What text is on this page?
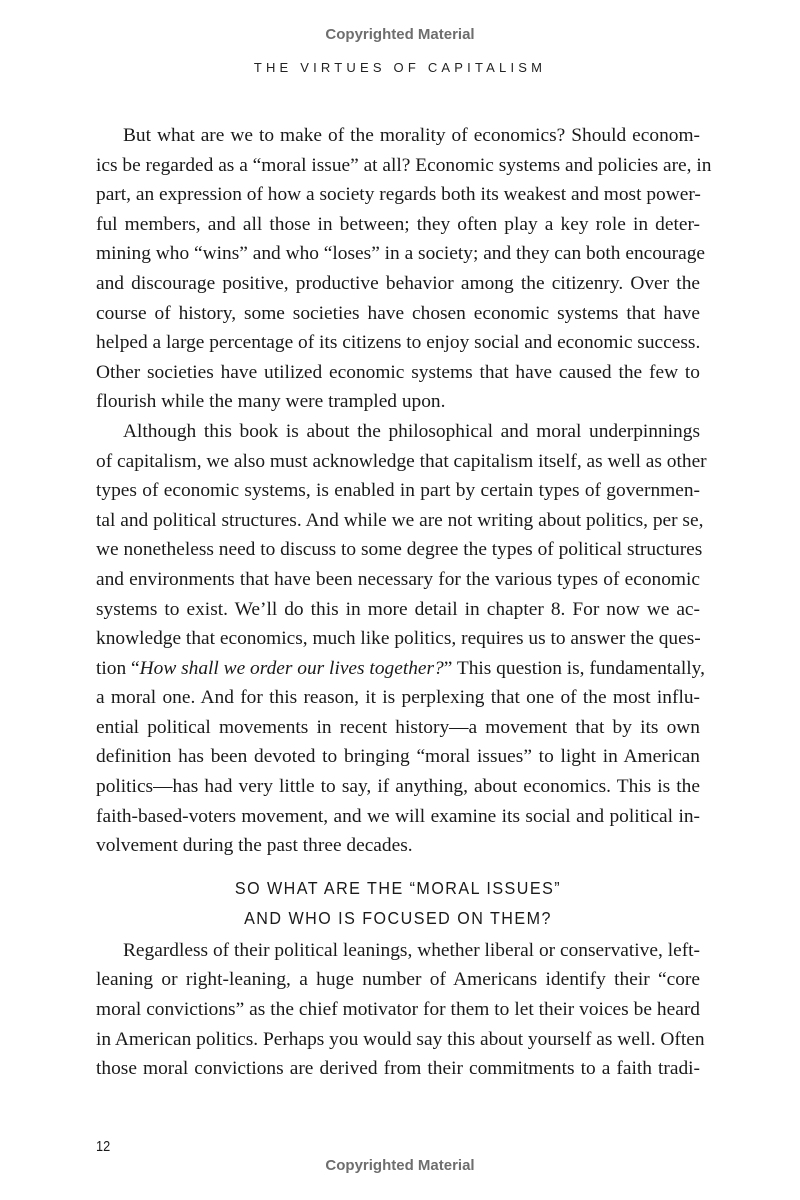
Copyrighted Material
THE VIRTUES OF CAPITALISM
But what are we to make of the morality of economics? Should econom-
ics be regarded as a “moral issue” at all? Economic systems and policies are, in
part, an expression of how a society regards both its weakest and most power-
ful members, and all those in between; they often play a key role in deter-
mining who “wins” and who “loses” in a society; and they can both encourage
and discourage positive, productive behavior among the citizenry. Over the
course of history, some societies have chosen economic systems that have
helped a large percentage of its citizens to enjoy social and economic success.
Other societies have utilized economic systems that have caused the few to
flourish while the many were trampled upon.
Although this book is about the philosophical and moral underpinnings
of capitalism, we also must acknowledge that capitalism itself, as well as other
types of economic systems, is enabled in part by certain types of governmen-
tal and political structures. And while we are not writing about politics, per se,
we nonetheless need to discuss to some degree the types of political structures
and environments that have been necessary for the various types of economic
systems to exist. We’ll do this in more detail in chapter 8. For now we ac-
knowledge that economics, much like politics, requires us to answer the ques-
tion “How shall we order our lives together?” This question is, fundamentally,
a moral one. And for this reason, it is perplexing that one of the most influ-
ential political movements in recent history—a movement that by its own
definition has been devoted to bringing “moral issues” to light in American
politics—has had very little to say, if anything, about economics. This is the
faith-based-voters movement, and we will examine its social and political in-
volvement during the past three decades.
SO WHAT ARE THE “MORAL ISSUES”
AND WHO IS FOCUSED ON THEM?
Regardless of their political leanings, whether liberal or conservative, left-
leaning or right-leaning, a huge number of Americans identify their “core
moral convictions” as the chief motivator for them to let their voices be heard
in American politics. Perhaps you would say this about yourself as well. Often
those moral convictions are derived from their commitments to a faith tradi-
12
Copyrighted Material
